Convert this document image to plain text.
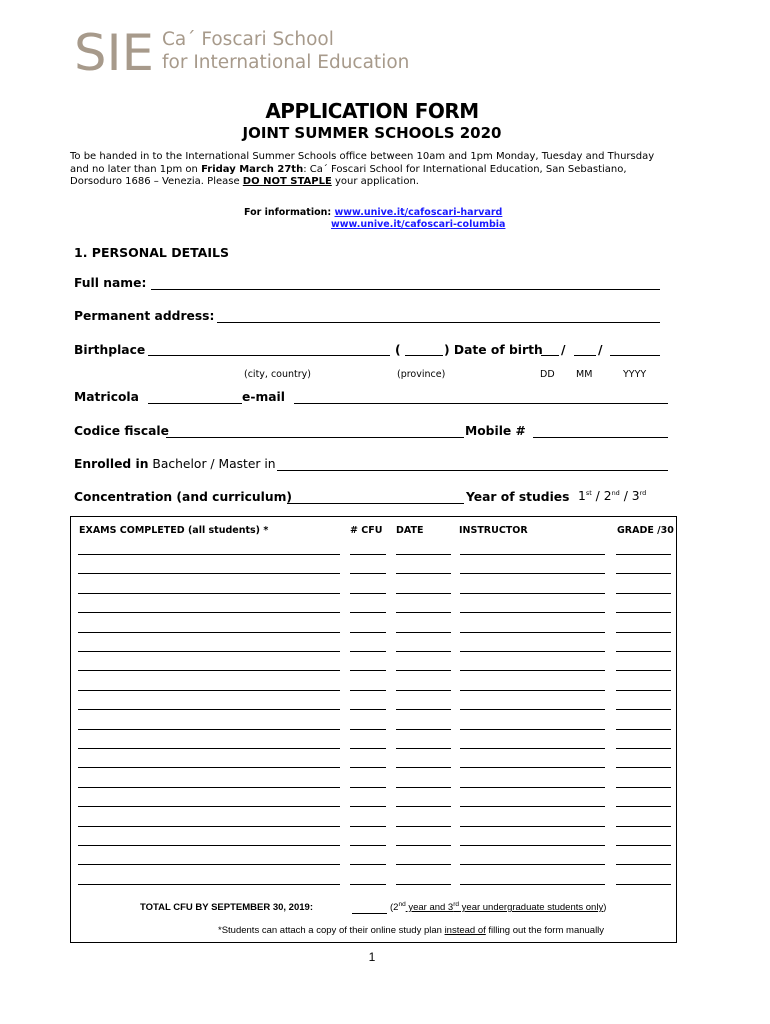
SIE Ca´ Foscari School
for International Education
APPLICATION FORM
JOINT SUMMER SCHOOLS 2020
To be handed in to the International Summer Schools office between 10am and 1pm Monday, Tuesday and Thursday
and no later than 1pm on Friday March 27th: Ca´ Foscari School for International Education, San Sebastiano,
Dorsoduro 1686 – Venezia. Please DO NOT STAPLE your application.
For information: www.unive.it/cafoscari-harvard
www.unive.it/cafoscari-columbia
1. PERSONAL DETAILS
Full name:
Permanent address:
Birthplace	(	) Date of birth /	/
(city, country)	(province)	DD MM	YYYY
Matricola	e-mail
Codice fiscale	Mobile #
Enrolled in Bachelor / Master in
Concentration (and curriculum)	Year of studies 1st / 2nd / 3rd
EXAMS COMPLETED (all students) *	# CFU DATE	INSTRUCTOR	GRADE /30
TOTAL CFU BY SEPTEMBER 30, 2019:	(2nd year and 3rd year undergraduate students only)
*Students can attach a copy of their online study plan instead of filling out the form manually
1
